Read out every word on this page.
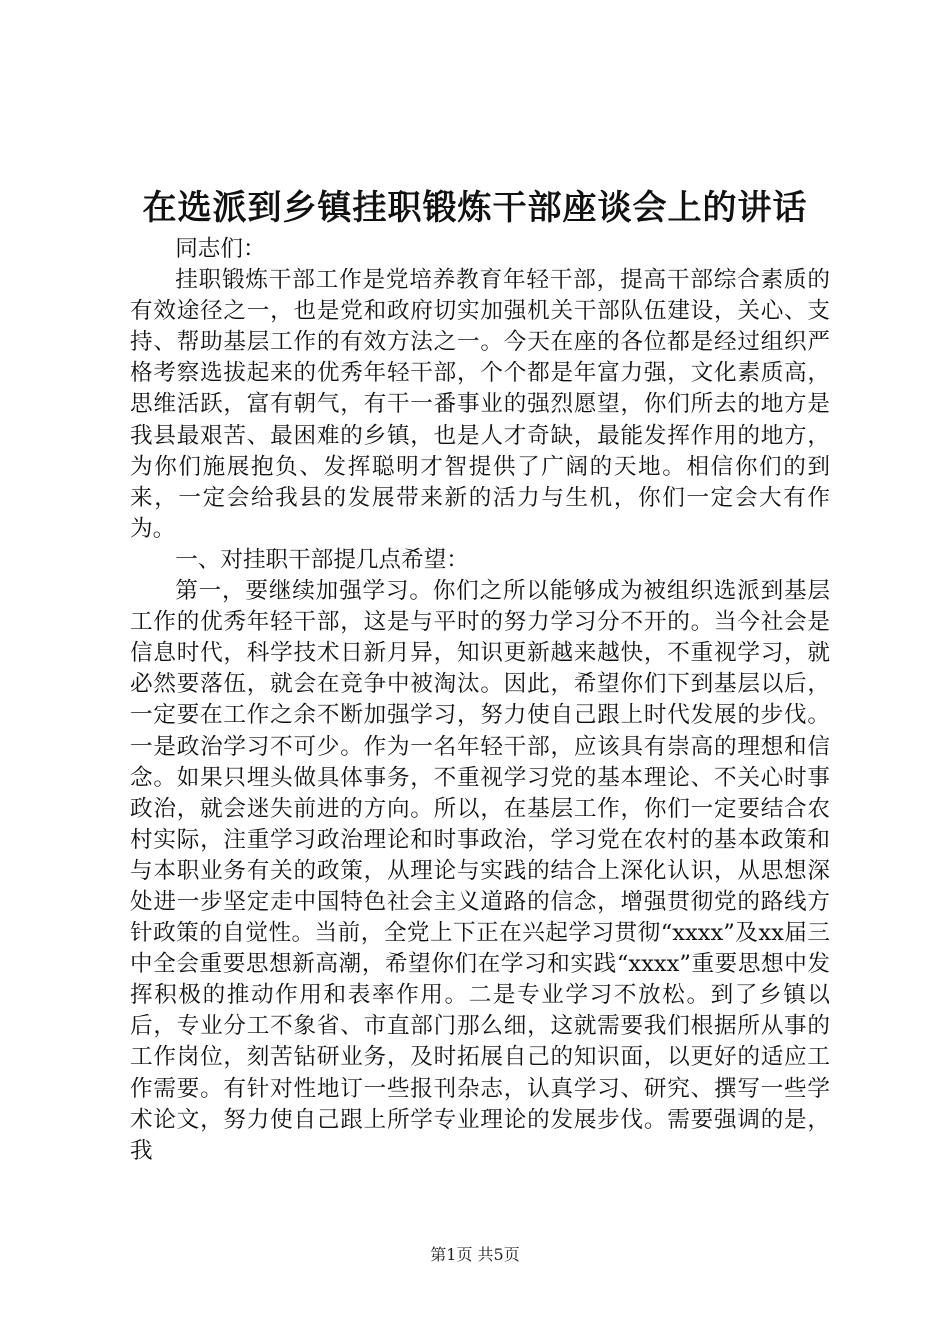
在选派到乡镇挂职锻炼干部座谈会上的讲话

同志们：

挂职锻炼干部工作是党培养教育年轻干部，提高干部综合素质的有效途径之一，也是党和政府切实加强机关干部队伍建设，关心、支持、帮助基层工作的有效方法之一。今天在座的各位都是经过组织严格考察选拔起来的优秀年轻干部，个个都是年富力强，文化素质高，思维活跃，富有朝气，有干一番事业的强烈愿望，你们所去的地方是我县最艰苦、最困难的乡镇，也是人才奇缺，最能发挥作用的地方，为你们施展抱负、发挥聪明才智提供了广阔的天地。相信你们的到来，一定会给我县的发展带来新的活力与生机，你们一定会大有作为。

一、对挂职干部提几点希望：

第一，要继续加强学习。你们之所以能够成为被组织选派到基层工作的优秀年轻干部，这是与平时的努力学习分不开的。当今社会是信息时代，科学技术日新月异，知识更新越来越快，不重视学习，就必然要落伍，就会在竞争中被淘汰。因此，希望你们下到基层以后，一定要在工作之余不断加强学习，努力使自己跟上时代发展的步伐。一是政治学习不可少。作为一名年轻干部，应该具有崇高的理想和信念。如果只埋头做具体事务，不重视学习党的基本理论、不关心时事政治，就会迷失前进的方向。所以，在基层工作，你们一定要结合农村实际，注重学习政治理论和时事政治，学习党在农村的基本政策和与本职业务有关的政策，从理论与实践的结合上深化认识，从思想深处进一步坚定走中国特色社会主义道路的信念，增强贯彻党的路线方针政策的自觉性。当前，全党上下正在兴起学习贯彻“xxxx”及xx届三中全会重要思想新高潮，希望你们在学习和实践“xxxx”重要思想中发挥积极的推动作用和表率作用。二是专业学习不放松。到了乡镇以后，专业分工不象省、市直部门那么细，这就需要我们根据所从事的工作岗位，刻苦钻研业务，及时拓展自己的知识面，以更好的适应工作需要。有针对性地订一些报刊杂志，认真学习、研究、撰写一些学术论文，努力使自己跟上所学专业理论的发展步伐。需要强调的是，我

第1页 共5页
